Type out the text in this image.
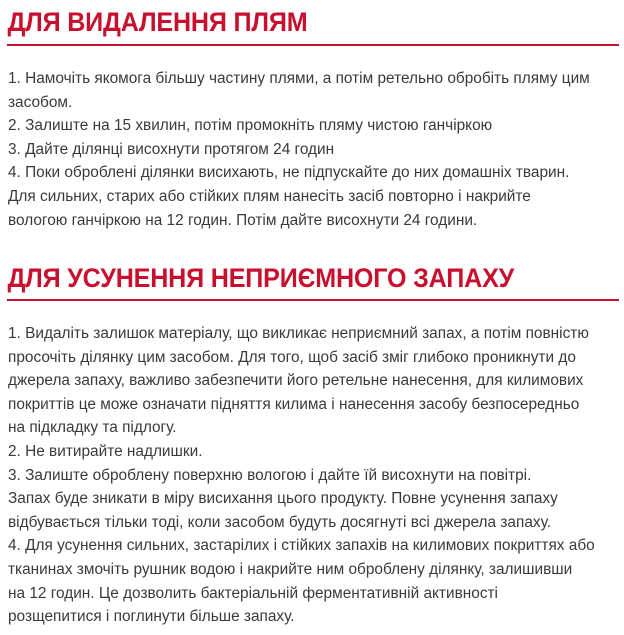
ДЛЯ ВИДАЛЕННЯ ПЛЯМ
1. Намочіть якомога більшу частину плями, а потім ретельно обробіть пляму цим
засобом.
2. Залиште на 15 хвилин, потім промокніть пляму чистою ганчіркою
3. Дайте ділянці висохнути протягом 24 годин
4. Поки оброблені ділянки висихають, не підпускайте до них домашніх тварин.
Для сильних, старих або стійких плям нанесіть засіб повторно і накрийте
вологою ганчіркою на 12 годин. Потім дайте висохнути 24 години.
ДЛЯ УСУНЕННЯ НЕПРИЄМНОГО ЗАПАХУ
1. Видаліть залишок матеріалу, що викликає неприємний запах, а потім повністю
просочіть ділянку цим засобом. Для того, щоб засіб зміг глибоко проникнути до
джерела запаху, важливо забезпечити його ретельне нанесення, для килимових
покриттів це може означати підняття килима і нанесення засобу безпосередньо
на підкладку та підлогу.
2. Не витирайте надлишки.
3. Залиште оброблену поверхню вологою і дайте їй висохнути на повітрі.
Запах буде зникати в міру висихання цього продукту. Повне усунення запаху
відбувається тільки тоді, коли засобом будуть досягнуті всі джерела запаху.
4. Для усунення сильних, застарілих і стійких запахів на килимових покриттях або
тканинах змочіть рушник водою і накрийте ним оброблену ділянку, залишивши
на 12 годин. Це дозволить бактеріальній ферментативній активності
розщепитися і поглинути більше запаху.
